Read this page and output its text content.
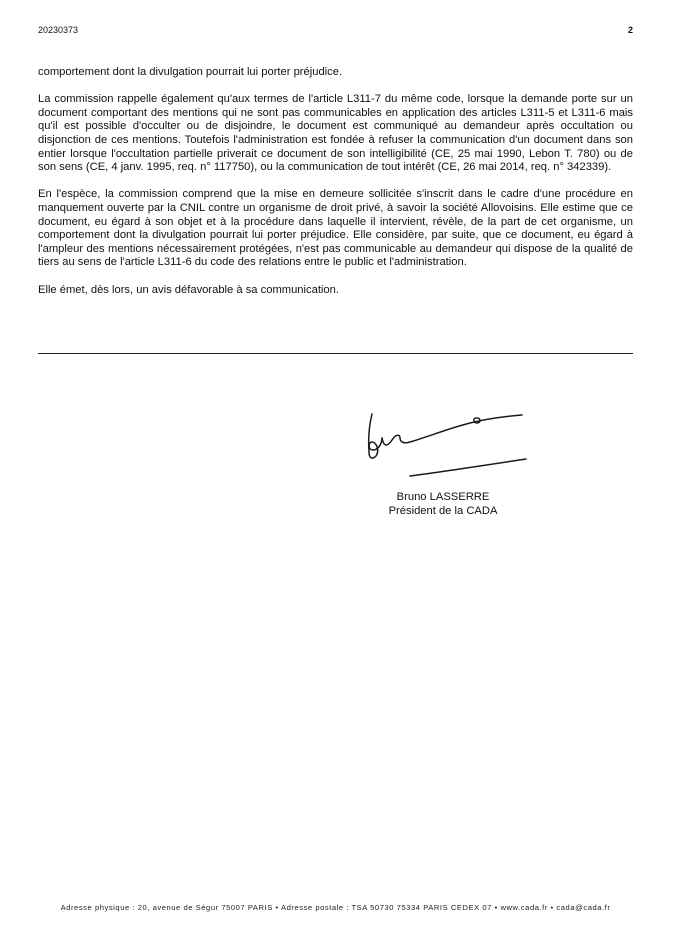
20230373	2

comportement dont la divulgation pourrait lui porter préjudice.

La commission rappelle également qu'aux termes de l'article L311-7 du même code, lorsque la demande porte sur un document comportant des mentions qui ne sont pas communicables en application des articles L311-5 et L311-6 mais qu'il est possible d'occulter ou de disjoindre, le document est communiqué au demandeur après occultation ou disjonction de ces mentions. Toutefois l'administration est fondée à refuser la communication d'un document dans son entier lorsque l'occultation partielle priverait ce document de son intelligibilité (CE, 25 mai 1990, Lebon T. 780) ou de son sens (CE, 4 janv. 1995, req. n° 117750), ou la communication de tout intérêt (CE, 26 mai 2014, req. n° 342339).

En l'espèce, la commission comprend que la mise en demeure sollicitée s'inscrit dans le cadre d'une procédure en manquement ouverte par la CNIL contre un organisme de droit privé, à savoir la société Allovoisins. Elle estime que ce document, eu égard à son objet et à la procédure dans laquelle il intervient, révèle, de la part de cet organisme, un comportement dont la divulgation pourrait lui porter préjudice. Elle considère, par suite, que ce document, eu égard à l'ampleur des mentions nécessairement protégées, n'est pas communicable au demandeur qui dispose de la qualité de tiers au sens de l'article L311-6 du code des relations entre le public et l'administration.

Elle émet, dès lors, un avis défavorable à sa communication.

Bruno LASSERRE
Président de la CADA
Adresse physique : 20, avenue de Ségur 75007 PARIS • Adresse postale : TSA 50730 75334 PARIS CEDEX 07 • www.cada.fr • cada@cada.fr
